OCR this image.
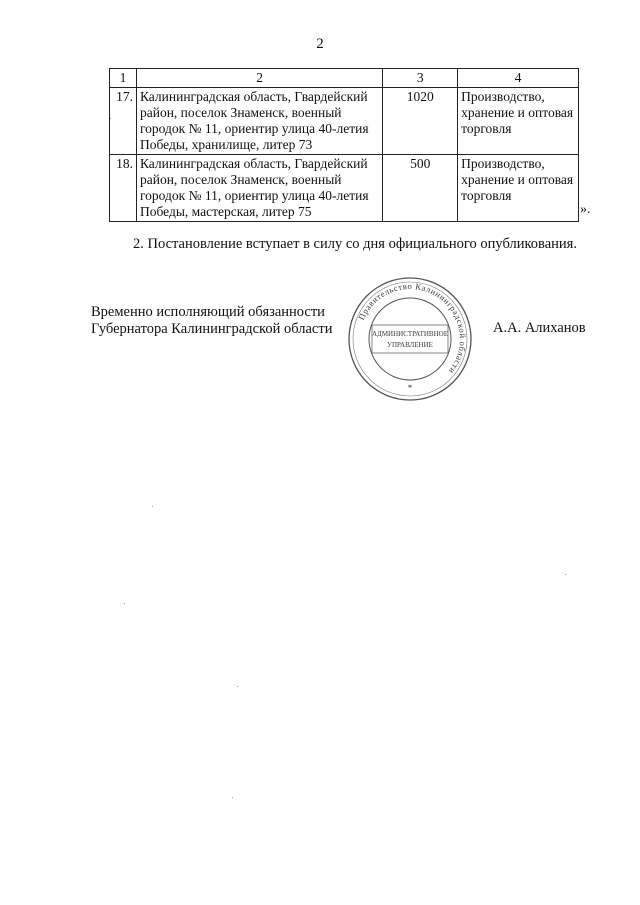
2
1	2	3	4
17.	Калининградская область, Гвардейский район, поселок Знаменск, военный городок № 11, ориентир улица 40-летия Победы, хранилище, литер 73	1020	Производство, хранение и оптовая торговля
18.	Калининградская область, Гвардейский район, поселок Знаменск, военный городок № 11, ориентир улица 40-летия Победы, мастерская, литер 75	500	Производство, хранение и оптовая торговля
».
2. Постановление вступает в силу со дня официального опубликования.
Временно исполняющий обязанности
Губернатора Калининградской области
Правительство Калининградской области
АДМИНИСТРАТИВНОЕ
УПРАВЛЕНИЕ
*
А.А. Алиханов
